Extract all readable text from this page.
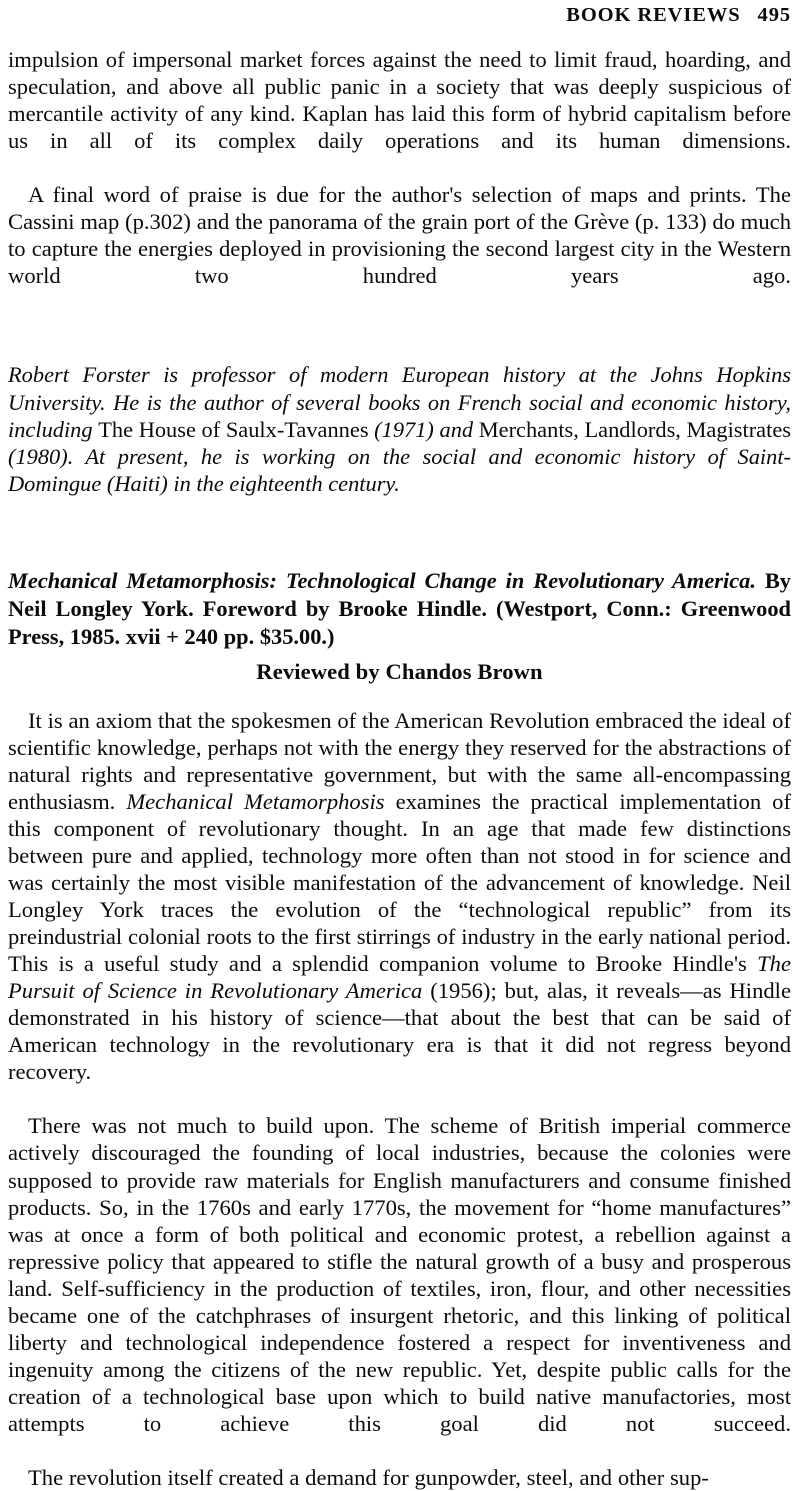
BOOK REVIEWS 495

impulsion of impersonal market forces against the need to limit fraud, hoarding, and speculation, and above all public panic in a society that was deeply suspicious of mercantile activity of any kind. Kaplan has laid this form of hybrid capitalism before us in all of its complex daily operations and its human dimensions.

A final word of praise is due for the author's selection of maps and prints. The Cassini map (p.302) and the panorama of the grain port of the Grève (p. 133) do much to capture the energies deployed in provisioning the second largest city in the Western world two hundred years ago.

Robert Forster is professor of modern European history at the Johns Hopkins University. He is the author of several books on French social and economic history, including The House of Saulx-Tavannes (1971) and Merchants, Landlords, Magistrates (1980). At present, he is working on the social and economic history of Saint-Domingue (Haiti) in the eighteenth century.

Mechanical Metamorphosis: Technological Change in Revolutionary America. By Neil Longley York. Foreword by Brooke Hindle. (Westport, Conn.: Greenwood Press, 1985. xvii + 240 pp. $35.00.)

Reviewed by Chandos Brown

It is an axiom that the spokesmen of the American Revolution embraced the ideal of scientific knowledge, perhaps not with the energy they reserved for the abstractions of natural rights and representative government, but with the same all-encompassing enthusiasm. Mechanical Metamorphosis examines the practical implementation of this component of revolutionary thought. In an age that made few distinctions between pure and applied, technology more often than not stood in for science and was certainly the most visible manifestation of the advancement of knowledge. Neil Longley York traces the evolution of the “technological republic” from its preindustrial colonial roots to the first stirrings of industry in the early national period. This is a useful study and a splendid companion volume to Brooke Hindle's The Pursuit of Science in Revolutionary America (1956); but, alas, it reveals—as Hindle demonstrated in his history of science—that about the best that can be said of American technology in the revolutionary era is that it did not regress beyond recovery.

There was not much to build upon. The scheme of British imperial commerce actively discouraged the founding of local industries, because the colonies were supposed to provide raw materials for English manufacturers and consume finished products. So, in the 1760s and early 1770s, the movement for “home manufactures” was at once a form of both political and economic protest, a rebellion against a repressive policy that appeared to stifle the natural growth of a busy and prosperous land. Self-sufficiency in the production of textiles, iron, flour, and other necessities became one of the catchphrases of insurgent rhetoric, and this linking of political liberty and technological independence fostered a respect for inventiveness and ingenuity among the citizens of the new republic. Yet, despite public calls for the creation of a technological base upon which to build native manufactories, most attempts to achieve this goal did not succeed.

The revolution itself created a demand for gunpowder, steel, and other sup-
